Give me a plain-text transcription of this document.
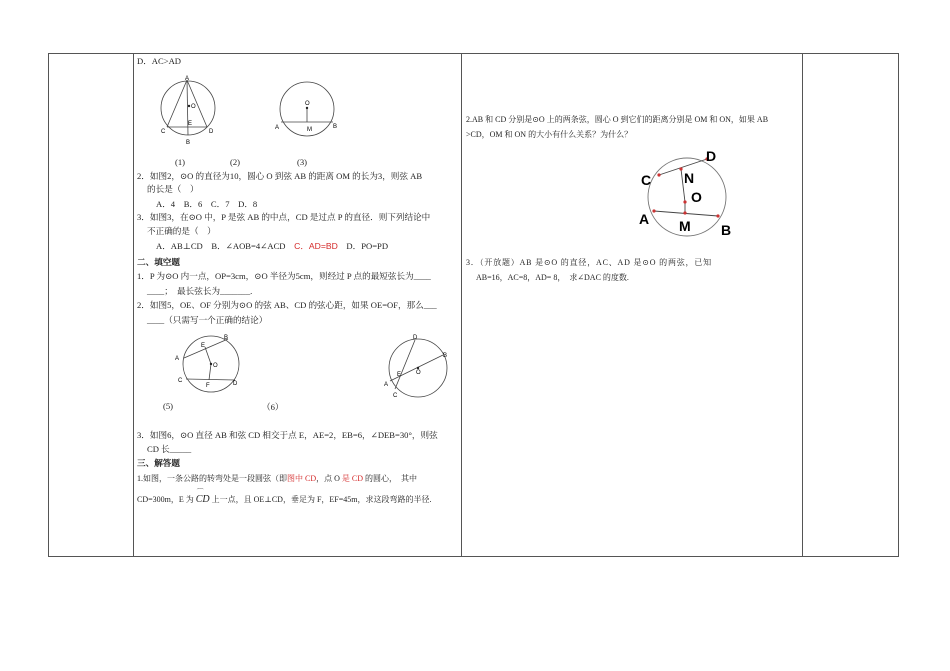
D．AC>AD
A
O
E
C	D
B
O
A	M	B
(1)	(2)	(3)
2．如图2，⊙O 的直径为10，圆心 O 到弦 AB 的距离 OM 的长为3，则弦 AB
的长是（　）
A．4　B．6　C．7　D．8
3．如图3，在⊙O 中，P 是弦 AB 的中点，CD 是过点 P 的直径．则下列结论中
不正确的是（　）
A．AB⊥CD　B．∠AOB=4∠ACD　C．AD=BD　D．PO=PD
二、填空题
1．P 为⊙O 内一点，OP=3cm，⊙O 半径为5cm，则经过 P 点的最短弦长为____
____；　最长弦长为_______.
2．如图5，OE、OF 分别为⊙O 的弦 AB、CD 的弦心距，如果 OE=OF，那么___
____（只需写一个正确的结论）
B
E
A
O
C
F	D
D
B
E O
A
C
(5)	（6）
3．如图6，⊙O 直径 AB 和弦 CD 相交于点 E，AE=2，EB=6，∠DEB=30°，则弦
CD 长_____
三、解答题
1.如图，一条公路的转弯处是一段圆弦（即图中 CD，点 O 是 CD 的圆心，　其中
CD=300m，E 为
⌒
CD 上一点，且 OE⊥CD，垂足为 F，EF=45m，求这段弯路的半径.
2.AB 和 CD 分别是⊙O 上的两条弦，圆心 O 到它们的距离分别是 OM 和 ON，如果 AB
>CD，OM 和 ON 的大小有什么关系？为什么？
D
C N
O
A M B
3．（开放题）AB 是⊙O 的直径，AC、AD 是⊙O 的两弦，已知
AB=16，AC=8，AD= 8，　求∠DAC 的度数.
